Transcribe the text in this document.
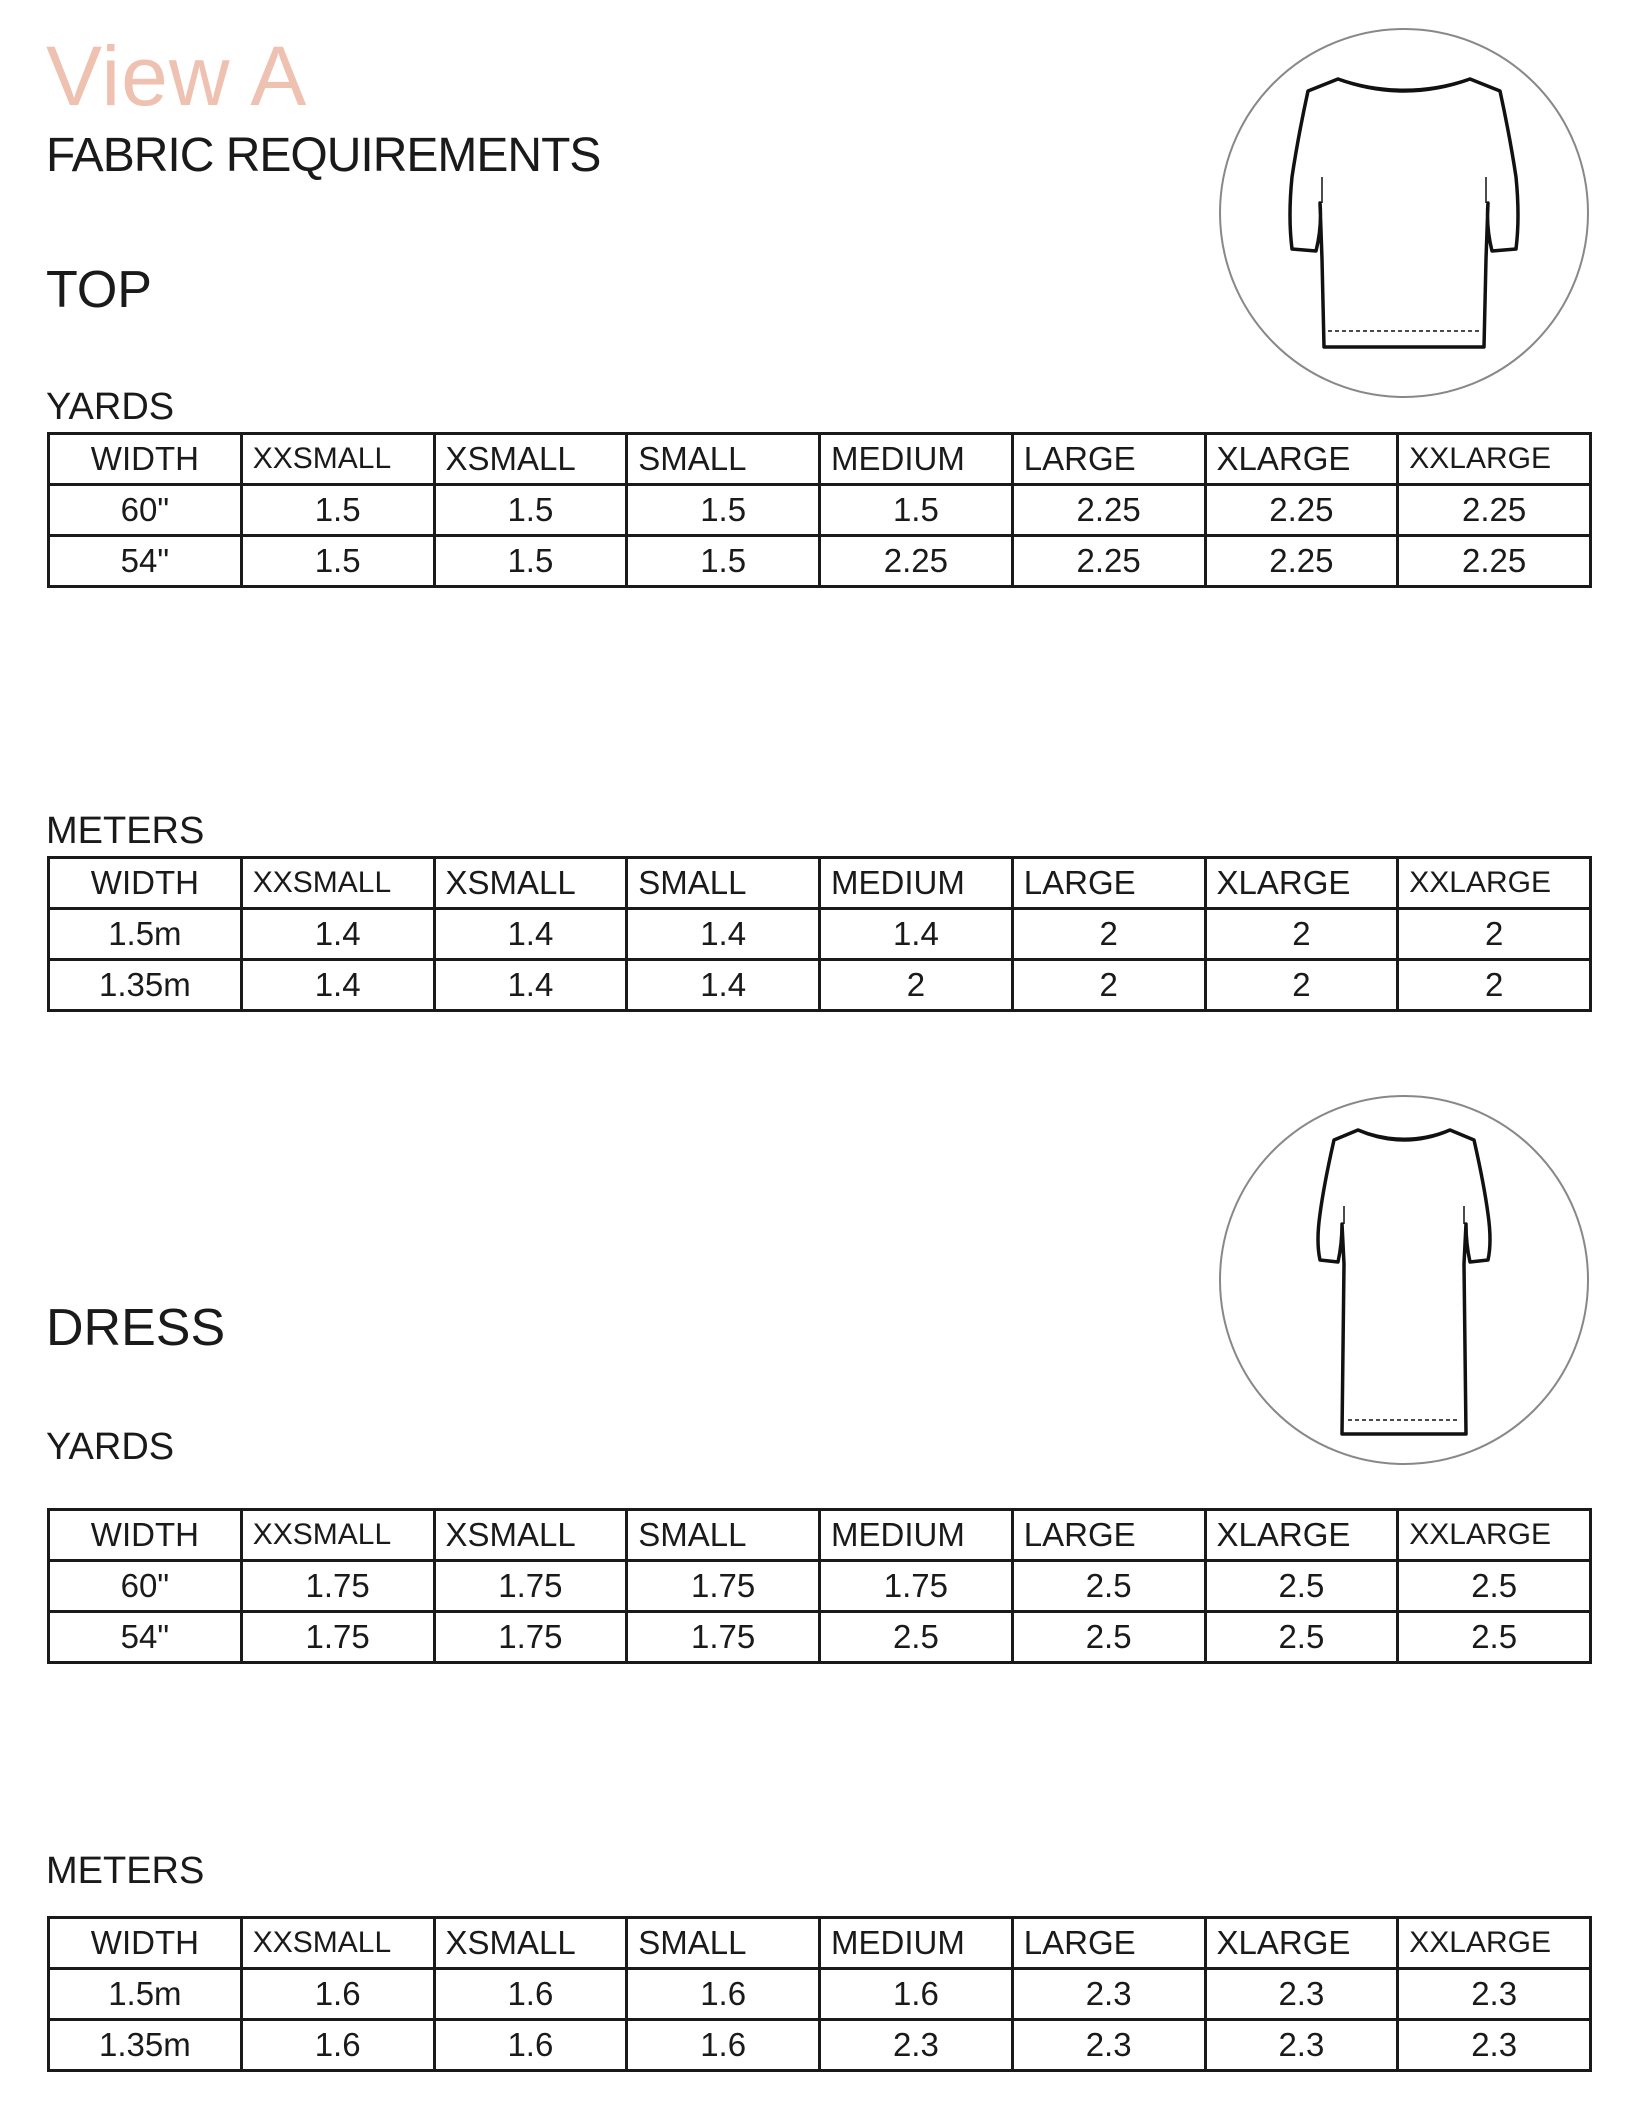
View A
FABRIC REQUIREMENTS
TOP
YARDS
WIDTH	XXSMALL	XSMALL	SMALL	MEDIUM	LARGE	XLARGE	XXLARGE
60"	1.5	1.5	1.5	1.5	2.25	2.25	2.25
54"	1.5	1.5	1.5	2.25	2.25	2.25	2.25
METERS
WIDTH	XXSMALL	XSMALL	SMALL	MEDIUM	LARGE	XLARGE	XXLARGE
1.5m	1.4	1.4	1.4	1.4	2	2	2
1.35m	1.4	1.4	1.4	2	2	2	2
DRESS
YARDS
WIDTH	XXSMALL	XSMALL	SMALL	MEDIUM	LARGE	XLARGE	XXLARGE
60"	1.75	1.75	1.75	1.75	2.5	2.5	2.5
54"	1.75	1.75	1.75	2.5	2.5	2.5	2.5
METERS
WIDTH	XXSMALL	XSMALL	SMALL	MEDIUM	LARGE	XLARGE	XXLARGE
1.5m	1.6	1.6	1.6	1.6	2.3	2.3	2.3
1.35m	1.6	1.6	1.6	2.3	2.3	2.3	2.3
